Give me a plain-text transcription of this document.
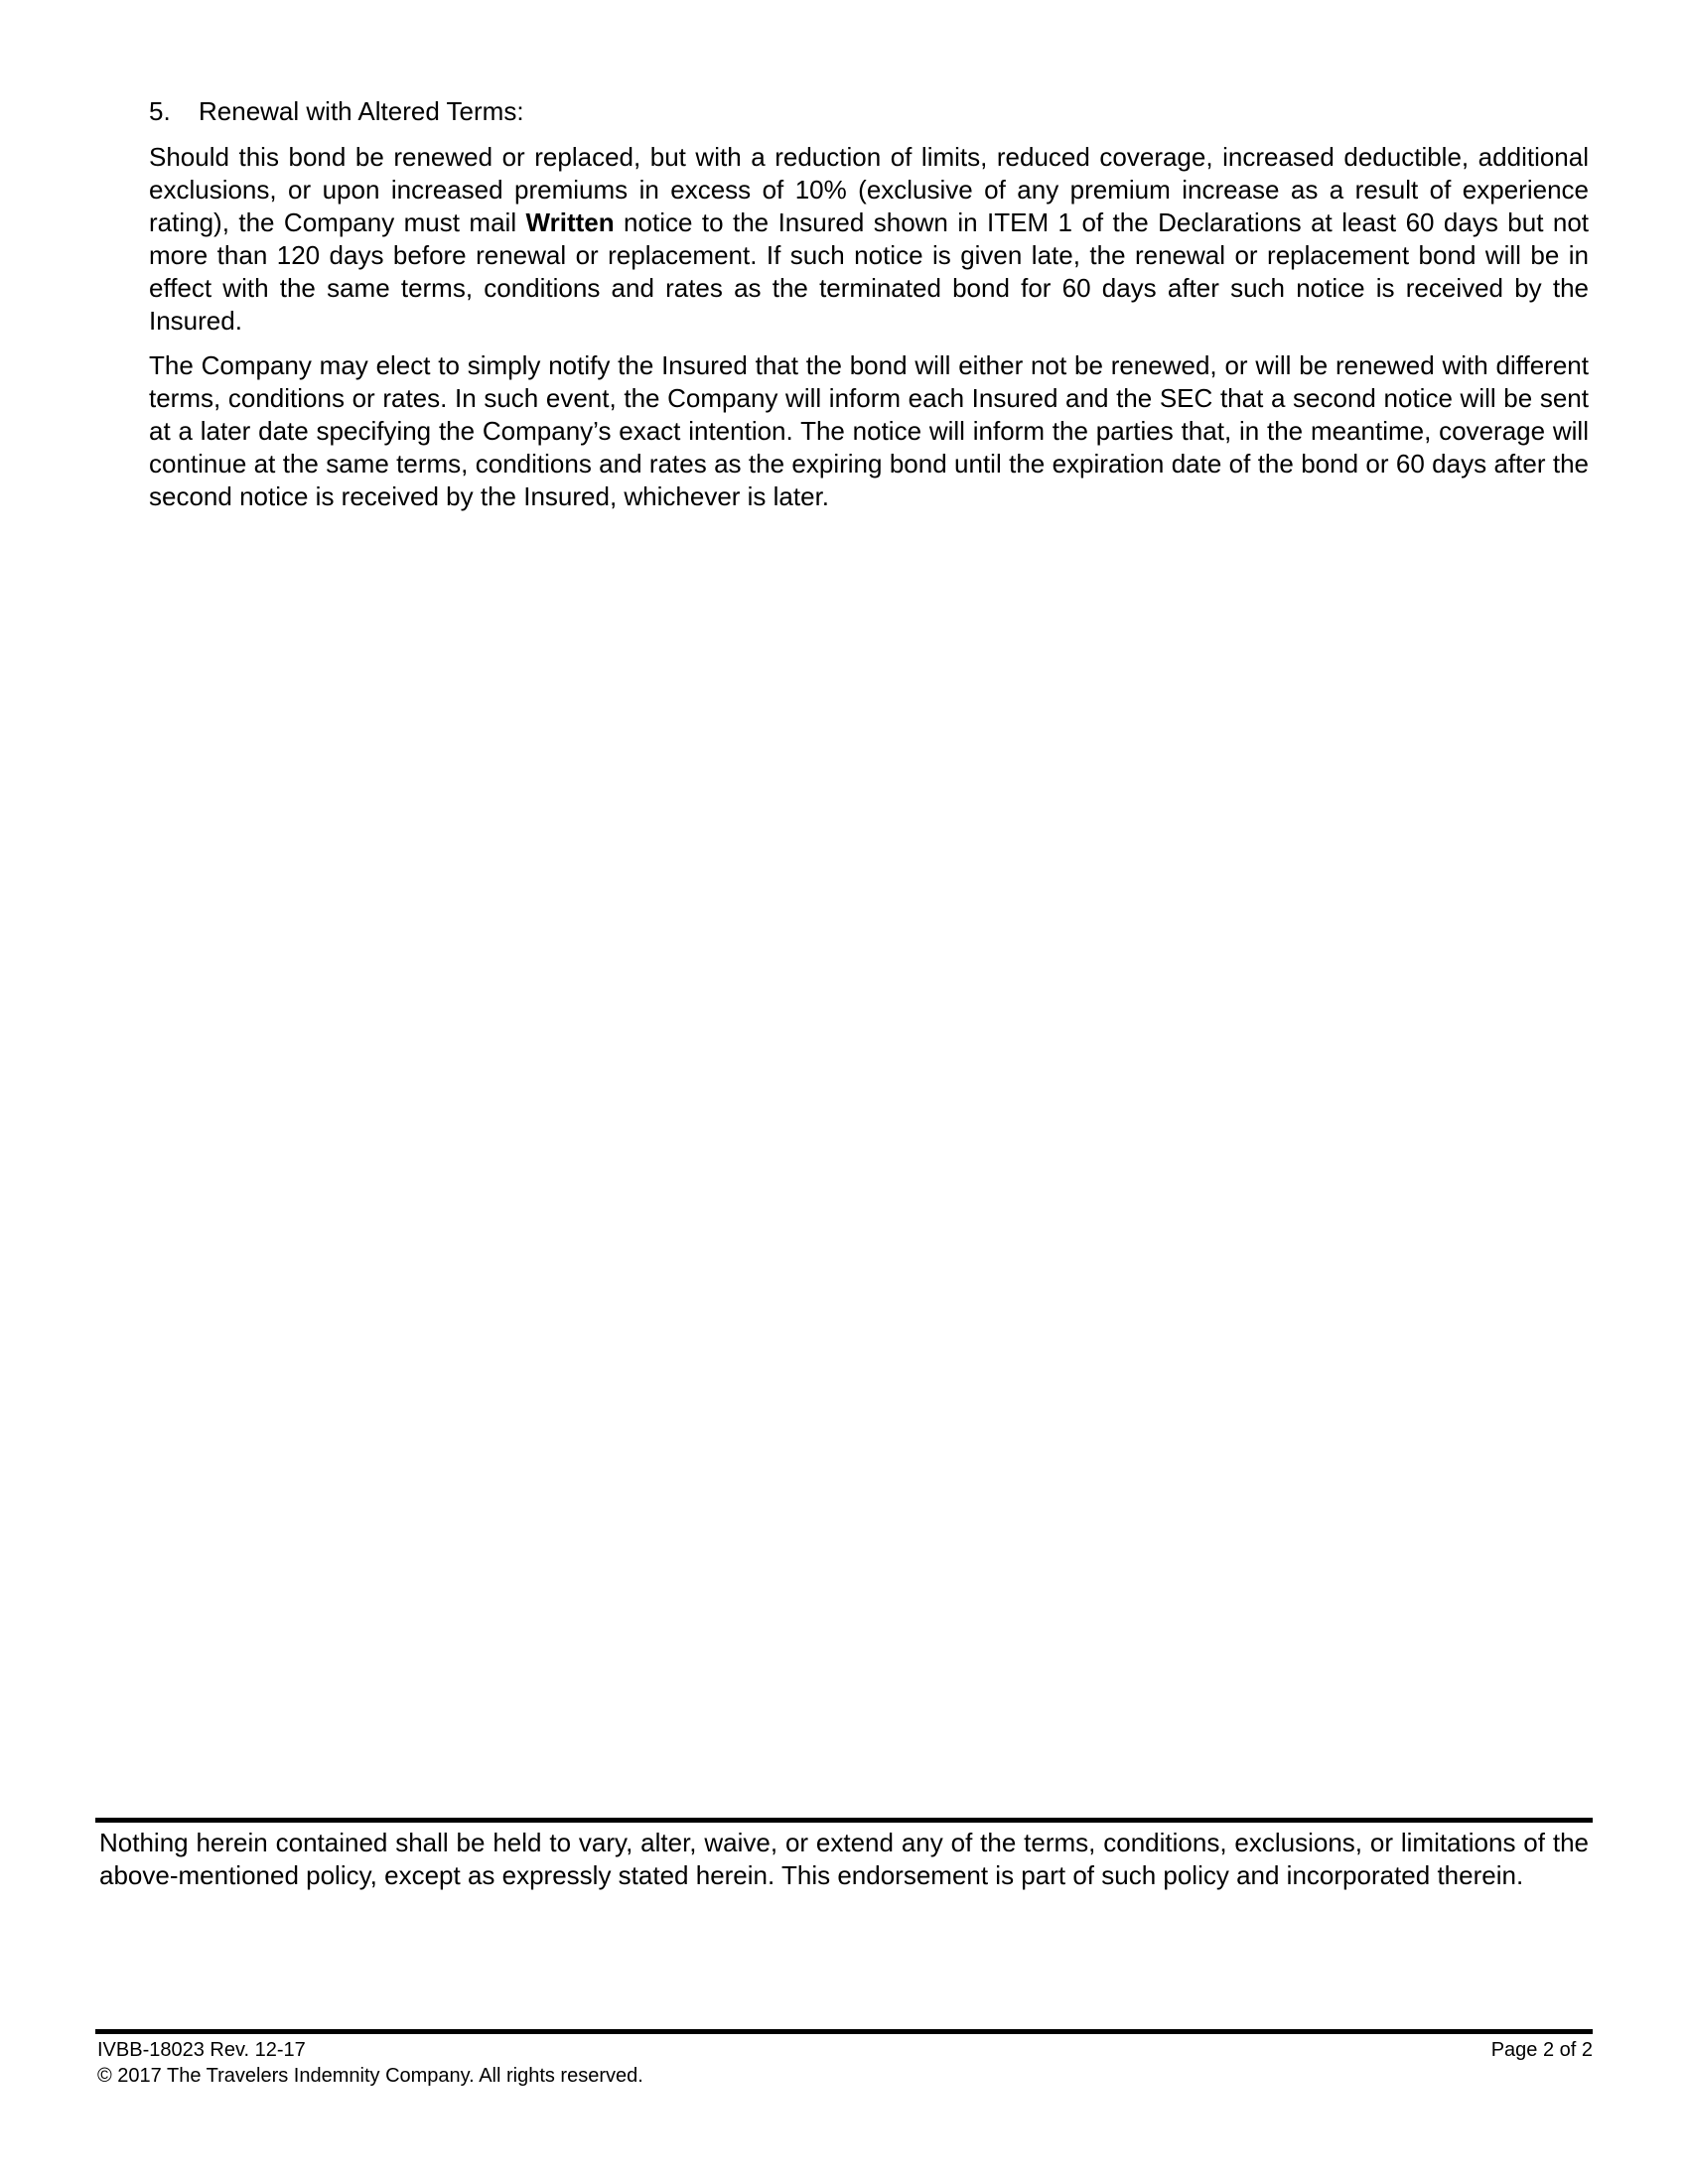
5. Renewal with Altered Terms:

Should this bond be renewed or replaced, but with a reduction of limits, reduced coverage, increased deductible, additional exclusions, or upon increased premiums in excess of 10% (exclusive of any premium increase as a result of experience rating), the Company must mail Written notice to the Insured shown in ITEM 1 of the Declarations at least 60 days but not more than 120 days before renewal or replacement. If such notice is given late, the renewal or replacement bond will be in effect with the same terms, conditions and rates as the terminated bond for 60 days after such notice is received by the Insured.

The Company may elect to simply notify the Insured that the bond will either not be renewed, or will be renewed with different terms, conditions or rates. In such event, the Company will inform each Insured and the SEC that a second notice will be sent at a later date specifying the Company’s exact intention. The notice will inform the parties that, in the meantime, coverage will continue at the same terms, conditions and rates as the expiring bond until the expiration date of the bond or 60 days after the second notice is received by the Insured, whichever is later.

Nothing herein contained shall be held to vary, alter, waive, or extend any of the terms, conditions, exclusions, or limitations of the above-mentioned policy, except as expressly stated herein. This endorsement is part of such policy and incorporated therein.

IVBB-18023 Rev. 12-17
© 2017 The Travelers Indemnity Company. All rights reserved.
Page 2 of 2
